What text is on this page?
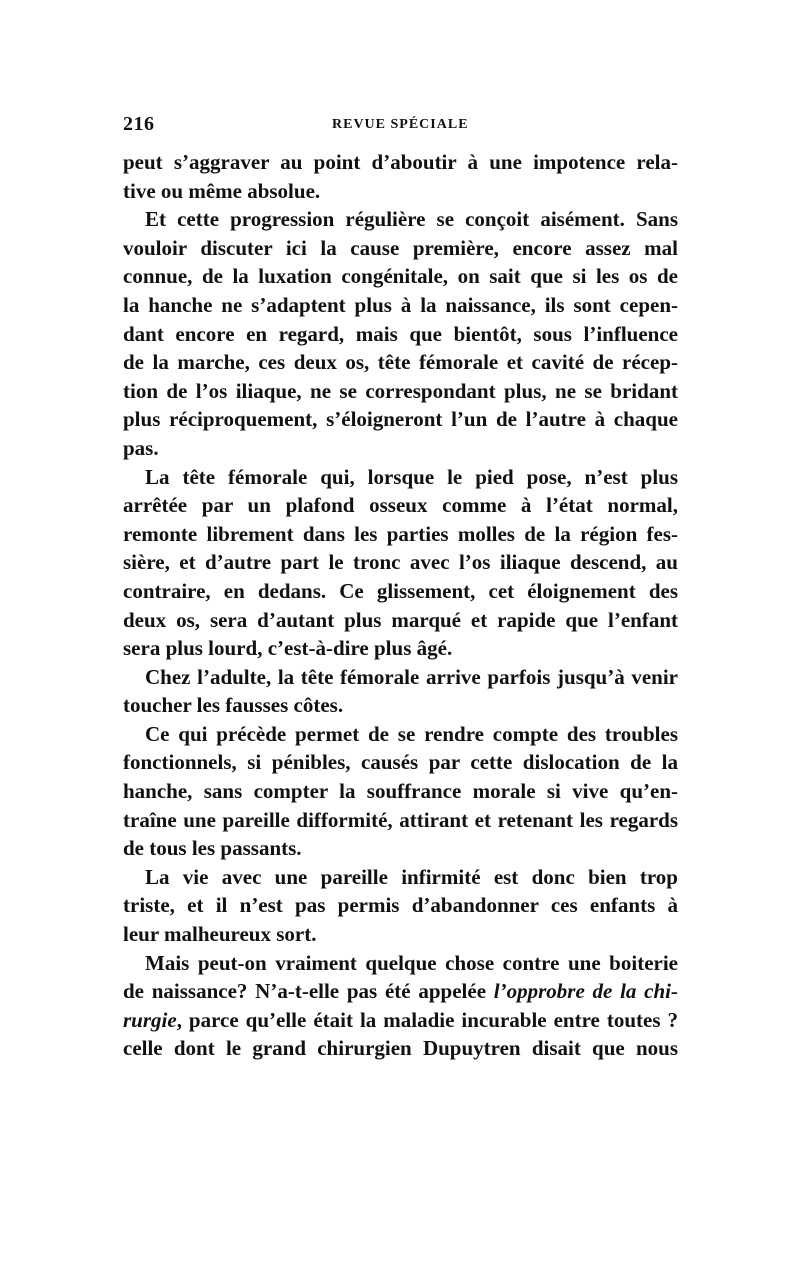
216	REVUE SPÉCIALE
peut s’aggraver au point d’aboutir à une impotence rela-
tive ou même absolue.
Et cette progression régulière se conçoit aisément. Sans
vouloir discuter ici la cause première, encore assez mal
connue, de la luxation congénitale, on sait que si les os de
la hanche ne s’adaptent plus à la naissance, ils sont cepen-
dant encore en regard, mais que bientôt, sous l’influence
de la marche, ces deux os, tête fémorale et cavité de récep-
tion de l’os iliaque, ne se correspondant plus, ne se bridant
plus réciproquement, s’éloigneront l’un de l’autre à chaque
pas.
La tête fémorale qui, lorsque le pied pose, n’est plus
arrêtée par un plafond osseux comme à l’état normal,
remonte librement dans les parties molles de la région fes-
sière, et d’autre part le tronc avec l’os iliaque descend, au
contraire, en dedans. Ce glissement, cet éloignement des
deux os, sera d’autant plus marqué et rapide que l’enfant
sera plus lourd, c’est-à-dire plus âgé.
Chez l’adulte, la tête fémorale arrive parfois jusqu’à venir
toucher les fausses côtes.
Ce qui précède permet de se rendre compte des troubles
fonctionnels, si pénibles, causés par cette dislocation de la
hanche, sans compter la souffrance morale si vive qu’en-
traîne une pareille difformité, attirant et retenant les regards
de tous les passants.
La vie avec une pareille infirmité est donc bien trop
triste, et il n’est pas permis d’abandonner ces enfants à
leur malheureux sort.
Mais peut-on vraiment quelque chose contre une boiterie
de naissance? N’a-t-elle pas été appelée l’opprobre de la chi-
rurgie, parce qu’elle était la maladie incurable entre toutes ?
celle dont le grand chirurgien Dupuytren disait que nous
